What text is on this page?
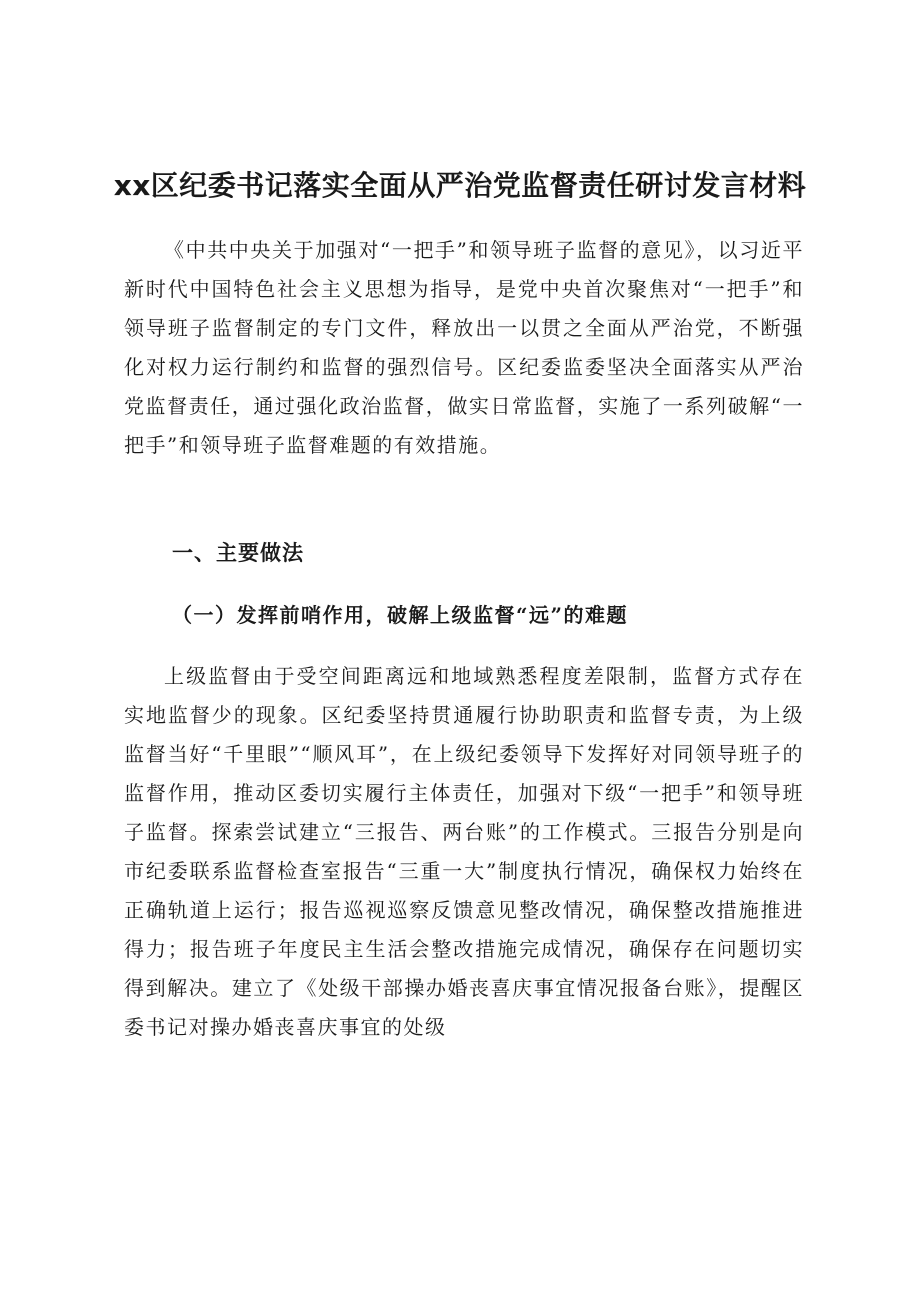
xx区纪委书记落实全面从严治党监督责任研讨发言材料

《中共中央关于加强对“一把手”和领导班子监督的意见》，以习近平新时代中国特色社会主义思想为指导，是党中央首次聚焦对“一把手”和领导班子监督制定的专门文件，释放出一以贯之全面从严治党，不断强化对权力运行制约和监督的强烈信号。区纪委监委坚决全面落实从严治党监督责任，通过强化政治监督，做实日常监督，实施了一系列破解“一把手”和领导班子监督难题的有效措施。

一、主要做法
（一）发挥前哨作用，破解上级监督“远”的难题

上级监督由于受空间距离远和地域熟悉程度差限制，监督方式存在实地监督少的现象。区纪委坚持贯通履行协助职责和监督专责，为上级监督当好“千里眼”“顺风耳”，在上级纪委领导下发挥好对同领导班子的监督作用，推动区委切实履行主体责任，加强对下级“一把手”和领导班子监督。探索尝试建立“三报告、两台账”的工作模式。三报告分别是向市纪委联系监督检查室报告“三重一大”制度执行情况，确保权力始终在正确轨道上运行；报告巡视巡察反馈意见整改情况，确保整改措施推进得力；报告班子年度民主生活会整改措施完成情况，确保存在问题切实得到解决。建立了《处级干部操办婚丧喜庆事宜情况报备台账》，提醒区委书记对操办婚丧喜庆事宜的处级
